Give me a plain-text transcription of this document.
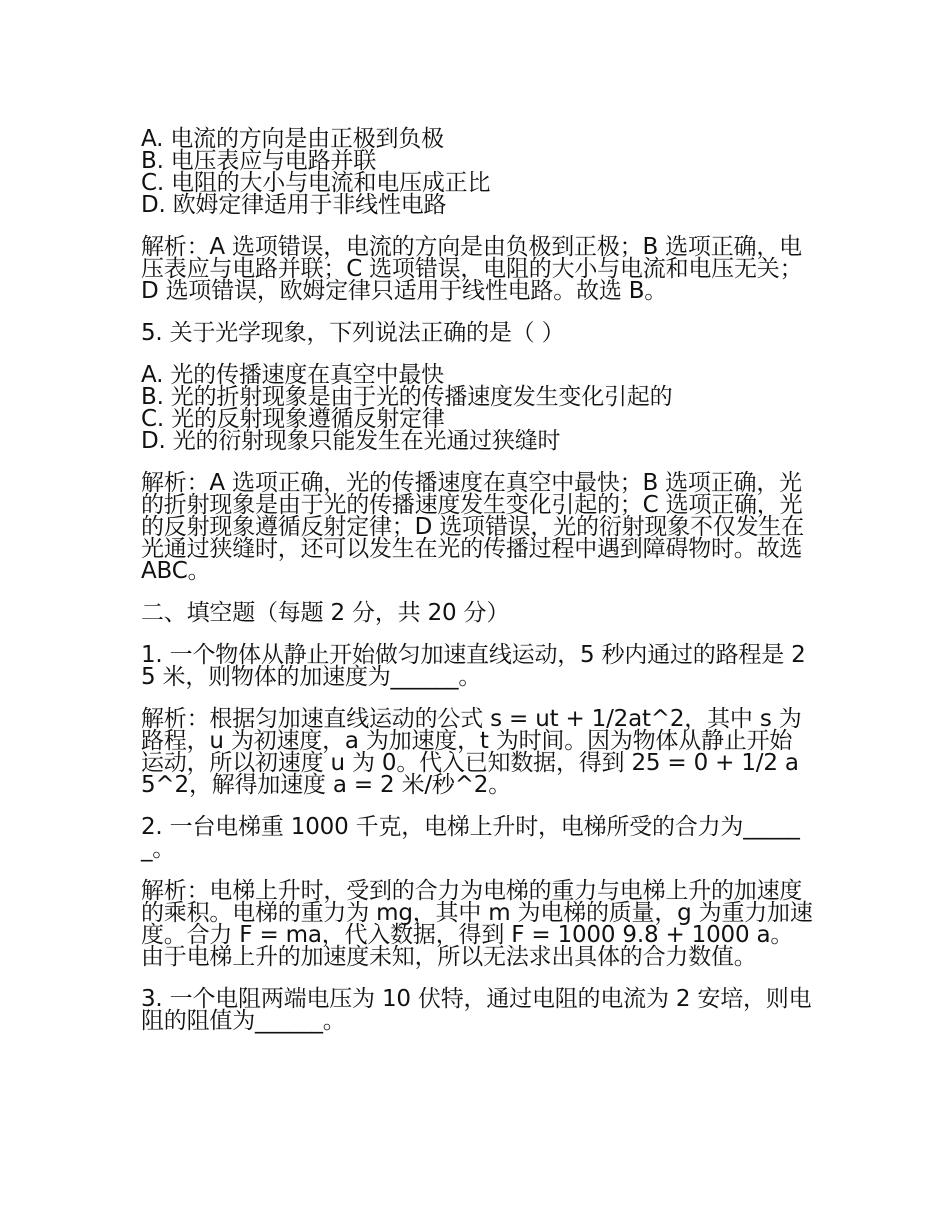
A. 电流的方向是由正极到负极
B. 电压表应与电路并联
C. 电阻的大小与电流和电压成正比
D. 欧姆定律适用于非线性电路

解析：A 选项错误，电流的方向是由负极到正极；B 选项正确，电压表应与电路并联；C 选项错误，电阻的大小与电流和电压无关；D 选项错误，欧姆定律只适用于线性电路。故选 B。

5. 关于光学现象，下列说法正确的是（ ）

A. 光的传播速度在真空中最快
B. 光的折射现象是由于光的传播速度发生变化引起的
C. 光的反射现象遵循反射定律
D. 光的衍射现象只能发生在光通过狭缝时

解析：A 选项正确，光的传播速度在真空中最快；B 选项正确，光的折射现象是由于光的传播速度发生变化引起的；C 选项正确，光的反射现象遵循反射定律；D 选项错误，光的衍射现象不仅发生在光通过狭缝时，还可以发生在光的传播过程中遇到障碍物时。故选 ABC。

二、填空题（每题 2 分，共 20 分）

1. 一个物体从静止开始做匀加速直线运动，5 秒内通过的路程是 25 米，则物体的加速度为______。

解析：根据匀加速直线运动的公式 s = ut + 1/2at^2，其中 s 为路程，u 为初速度，a 为加速度，t 为时间。因为物体从静止开始运动，所以初速度 u 为 0。代入已知数据，得到 25 = 0 + 1/2 a 5^2，解得加速度 a = 2 米/秒^2。

2. 一台电梯重 1000 千克，电梯上升时，电梯所受的合力为______。

解析：电梯上升时，受到的合力为电梯的重力与电梯上升的加速度的乘积。电梯的重力为 mg，其中 m 为电梯的质量，g 为重力加速度。合力 F = ma，代入数据，得到 F = 1000 9.8 + 1000 a。由于电梯上升的加速度未知，所以无法求出具体的合力数值。

3. 一个电阻两端电压为 10 伏特，通过电阻的电流为 2 安培，则电阻的阻值为______。
